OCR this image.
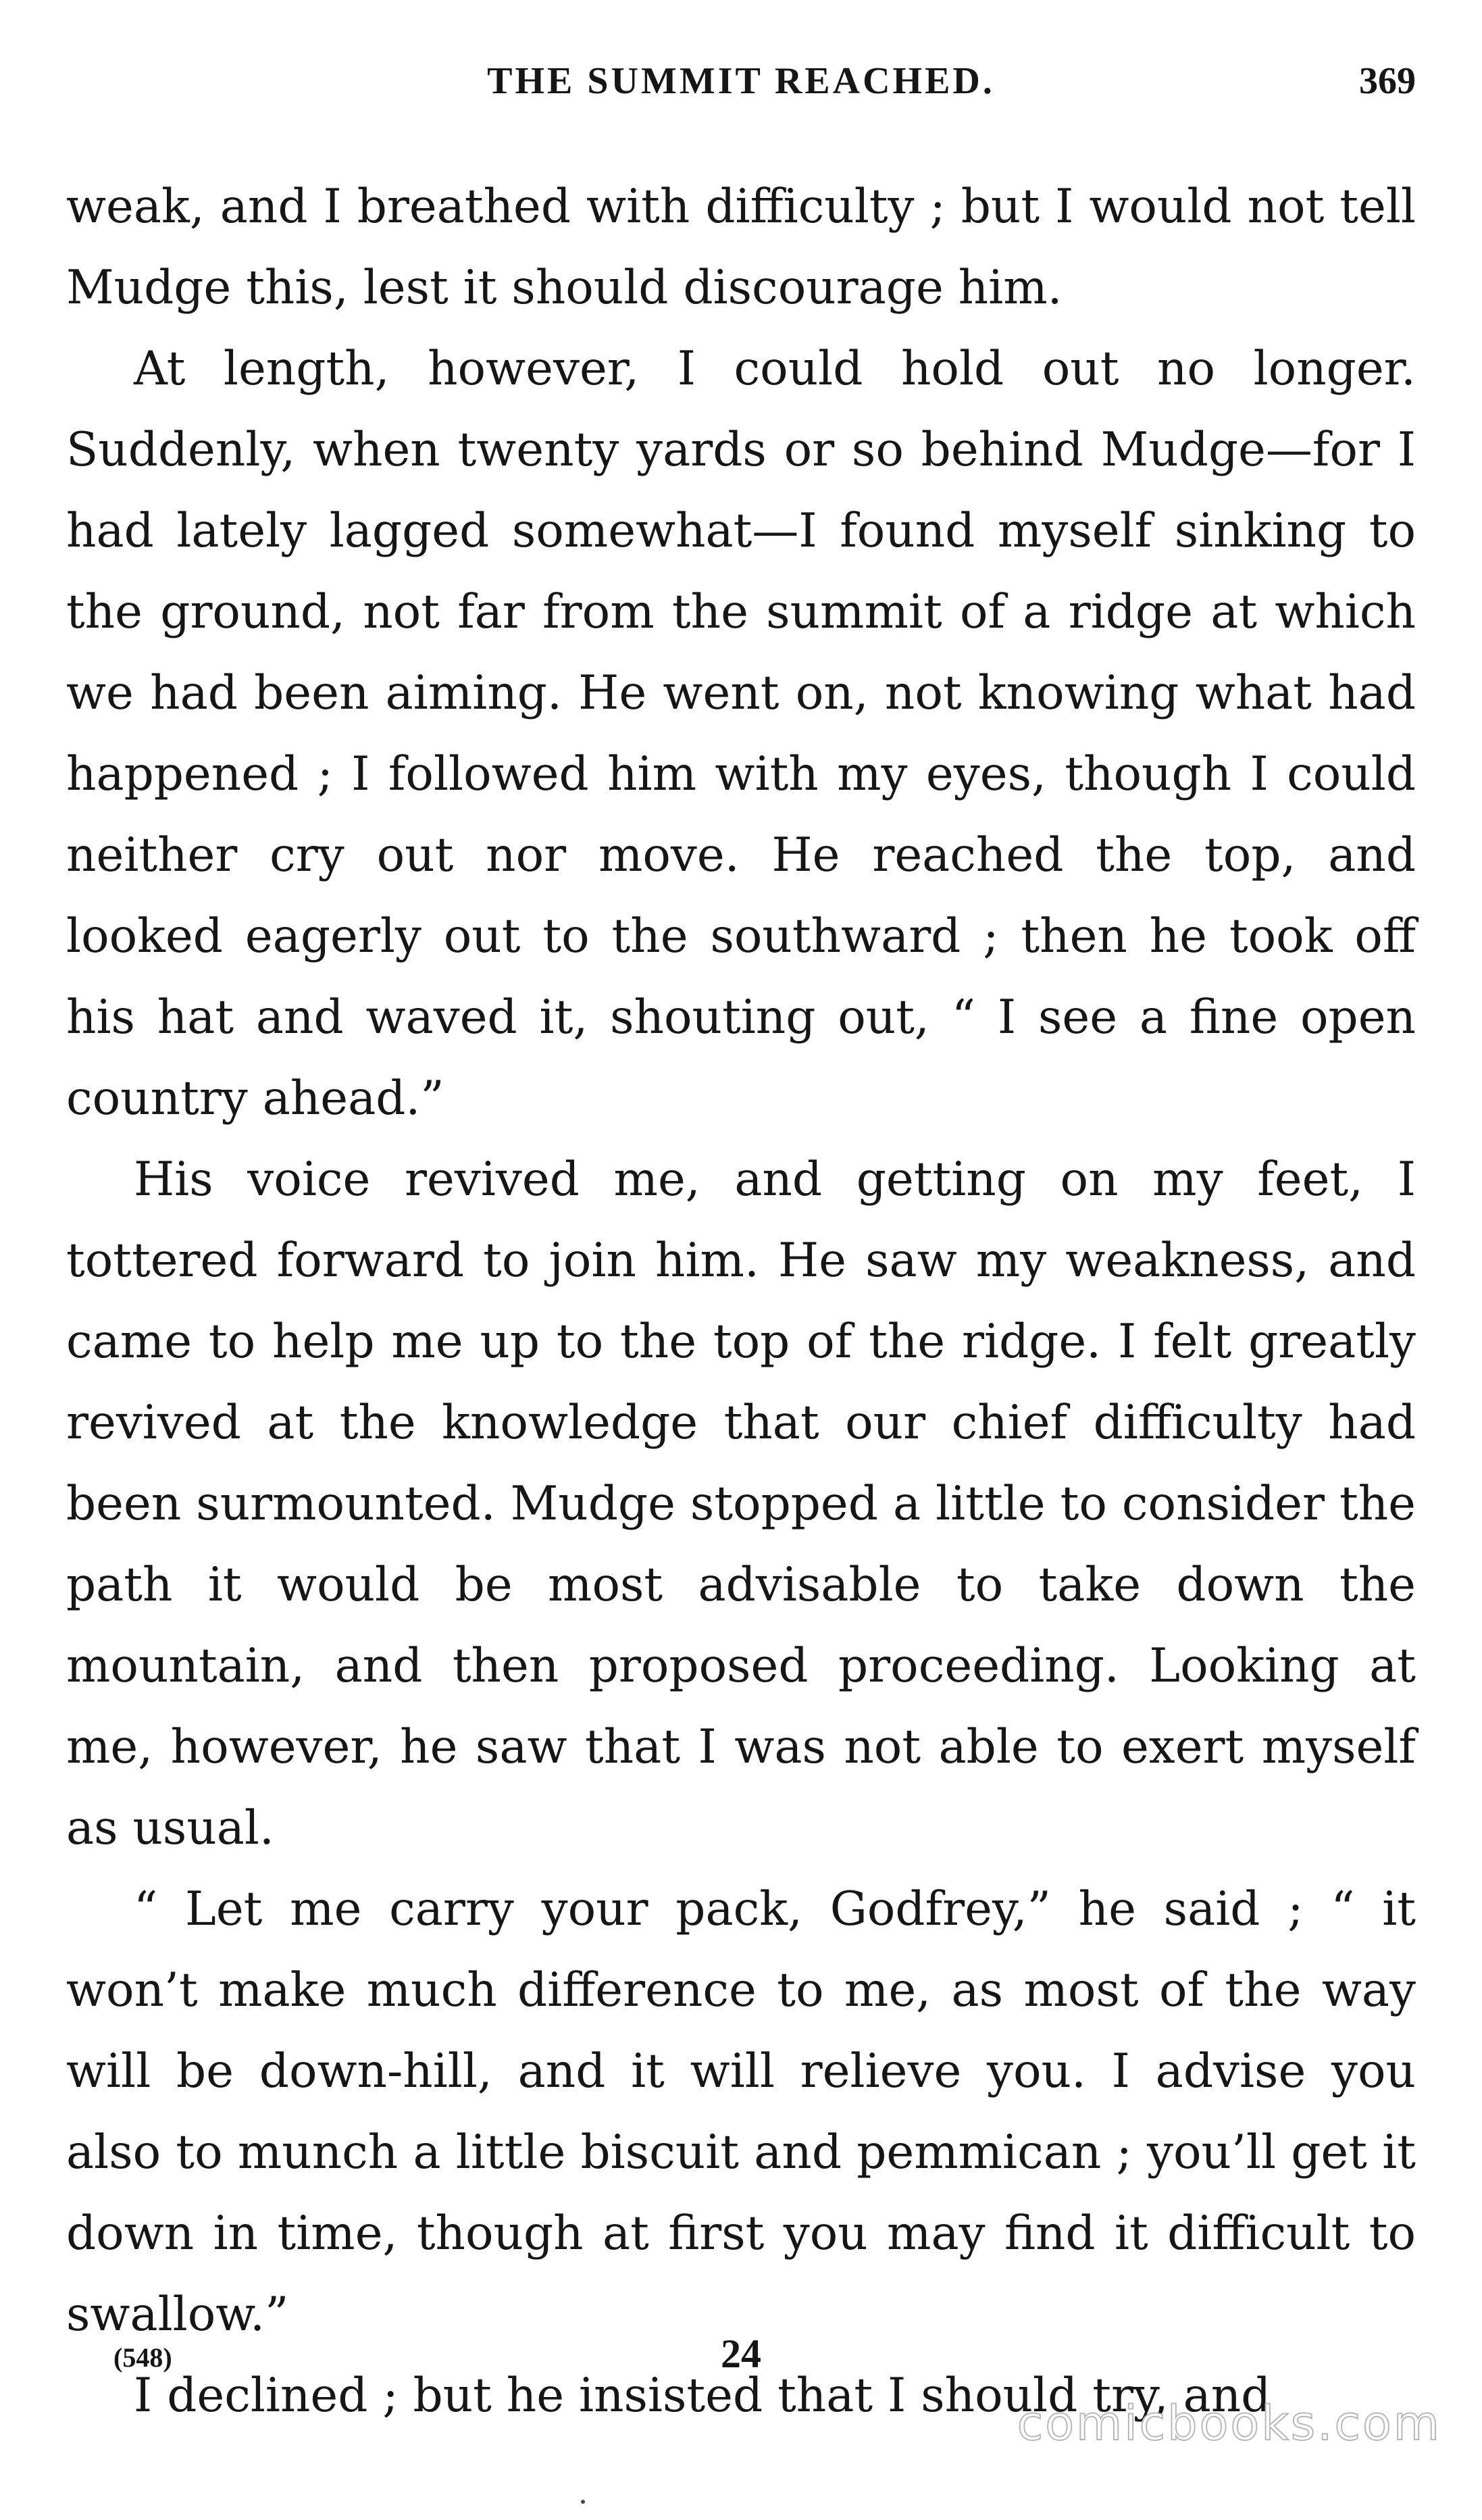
THE SUMMIT REACHED.	369

weak, and I breathed with difficulty ; but I would not tell Mudge this, lest it should discourage him.

At length, however, I could hold out no longer. Suddenly, when twenty yards or so behind Mudge—for I had lately lagged somewhat—I found myself sinking to the ground, not far from the summit of a ridge at which we had been aiming. He went on, not knowing what had happened ; I followed him with my eyes, though I could neither cry out nor move. He reached the top, and looked eagerly out to the southward ; then he took off his hat and waved it, shouting out, “ I see a fine open country ahead.”

His voice revived me, and getting on my feet, I tottered forward to join him. He saw my weakness, and came to help me up to the top of the ridge. I felt greatly revived at the knowledge that our chief difficulty had been surmounted. Mudge stopped a little to consider the path it would be most advisable to take down the mountain, and then proposed proceeding. Looking at me, however, he saw that I was not able to exert myself as usual.

“ Let me carry your pack, Godfrey,” he said ; “ it won’t make much difference to me, as most of the way will be down-hill, and it will relieve you. I advise you also to munch a little biscuit and pemmican ; you’ll get it down in time, though at first you may find it difficult to swallow.”

I declined ; but he insisted that I should try, and

(548)	24
comicbooks.com
